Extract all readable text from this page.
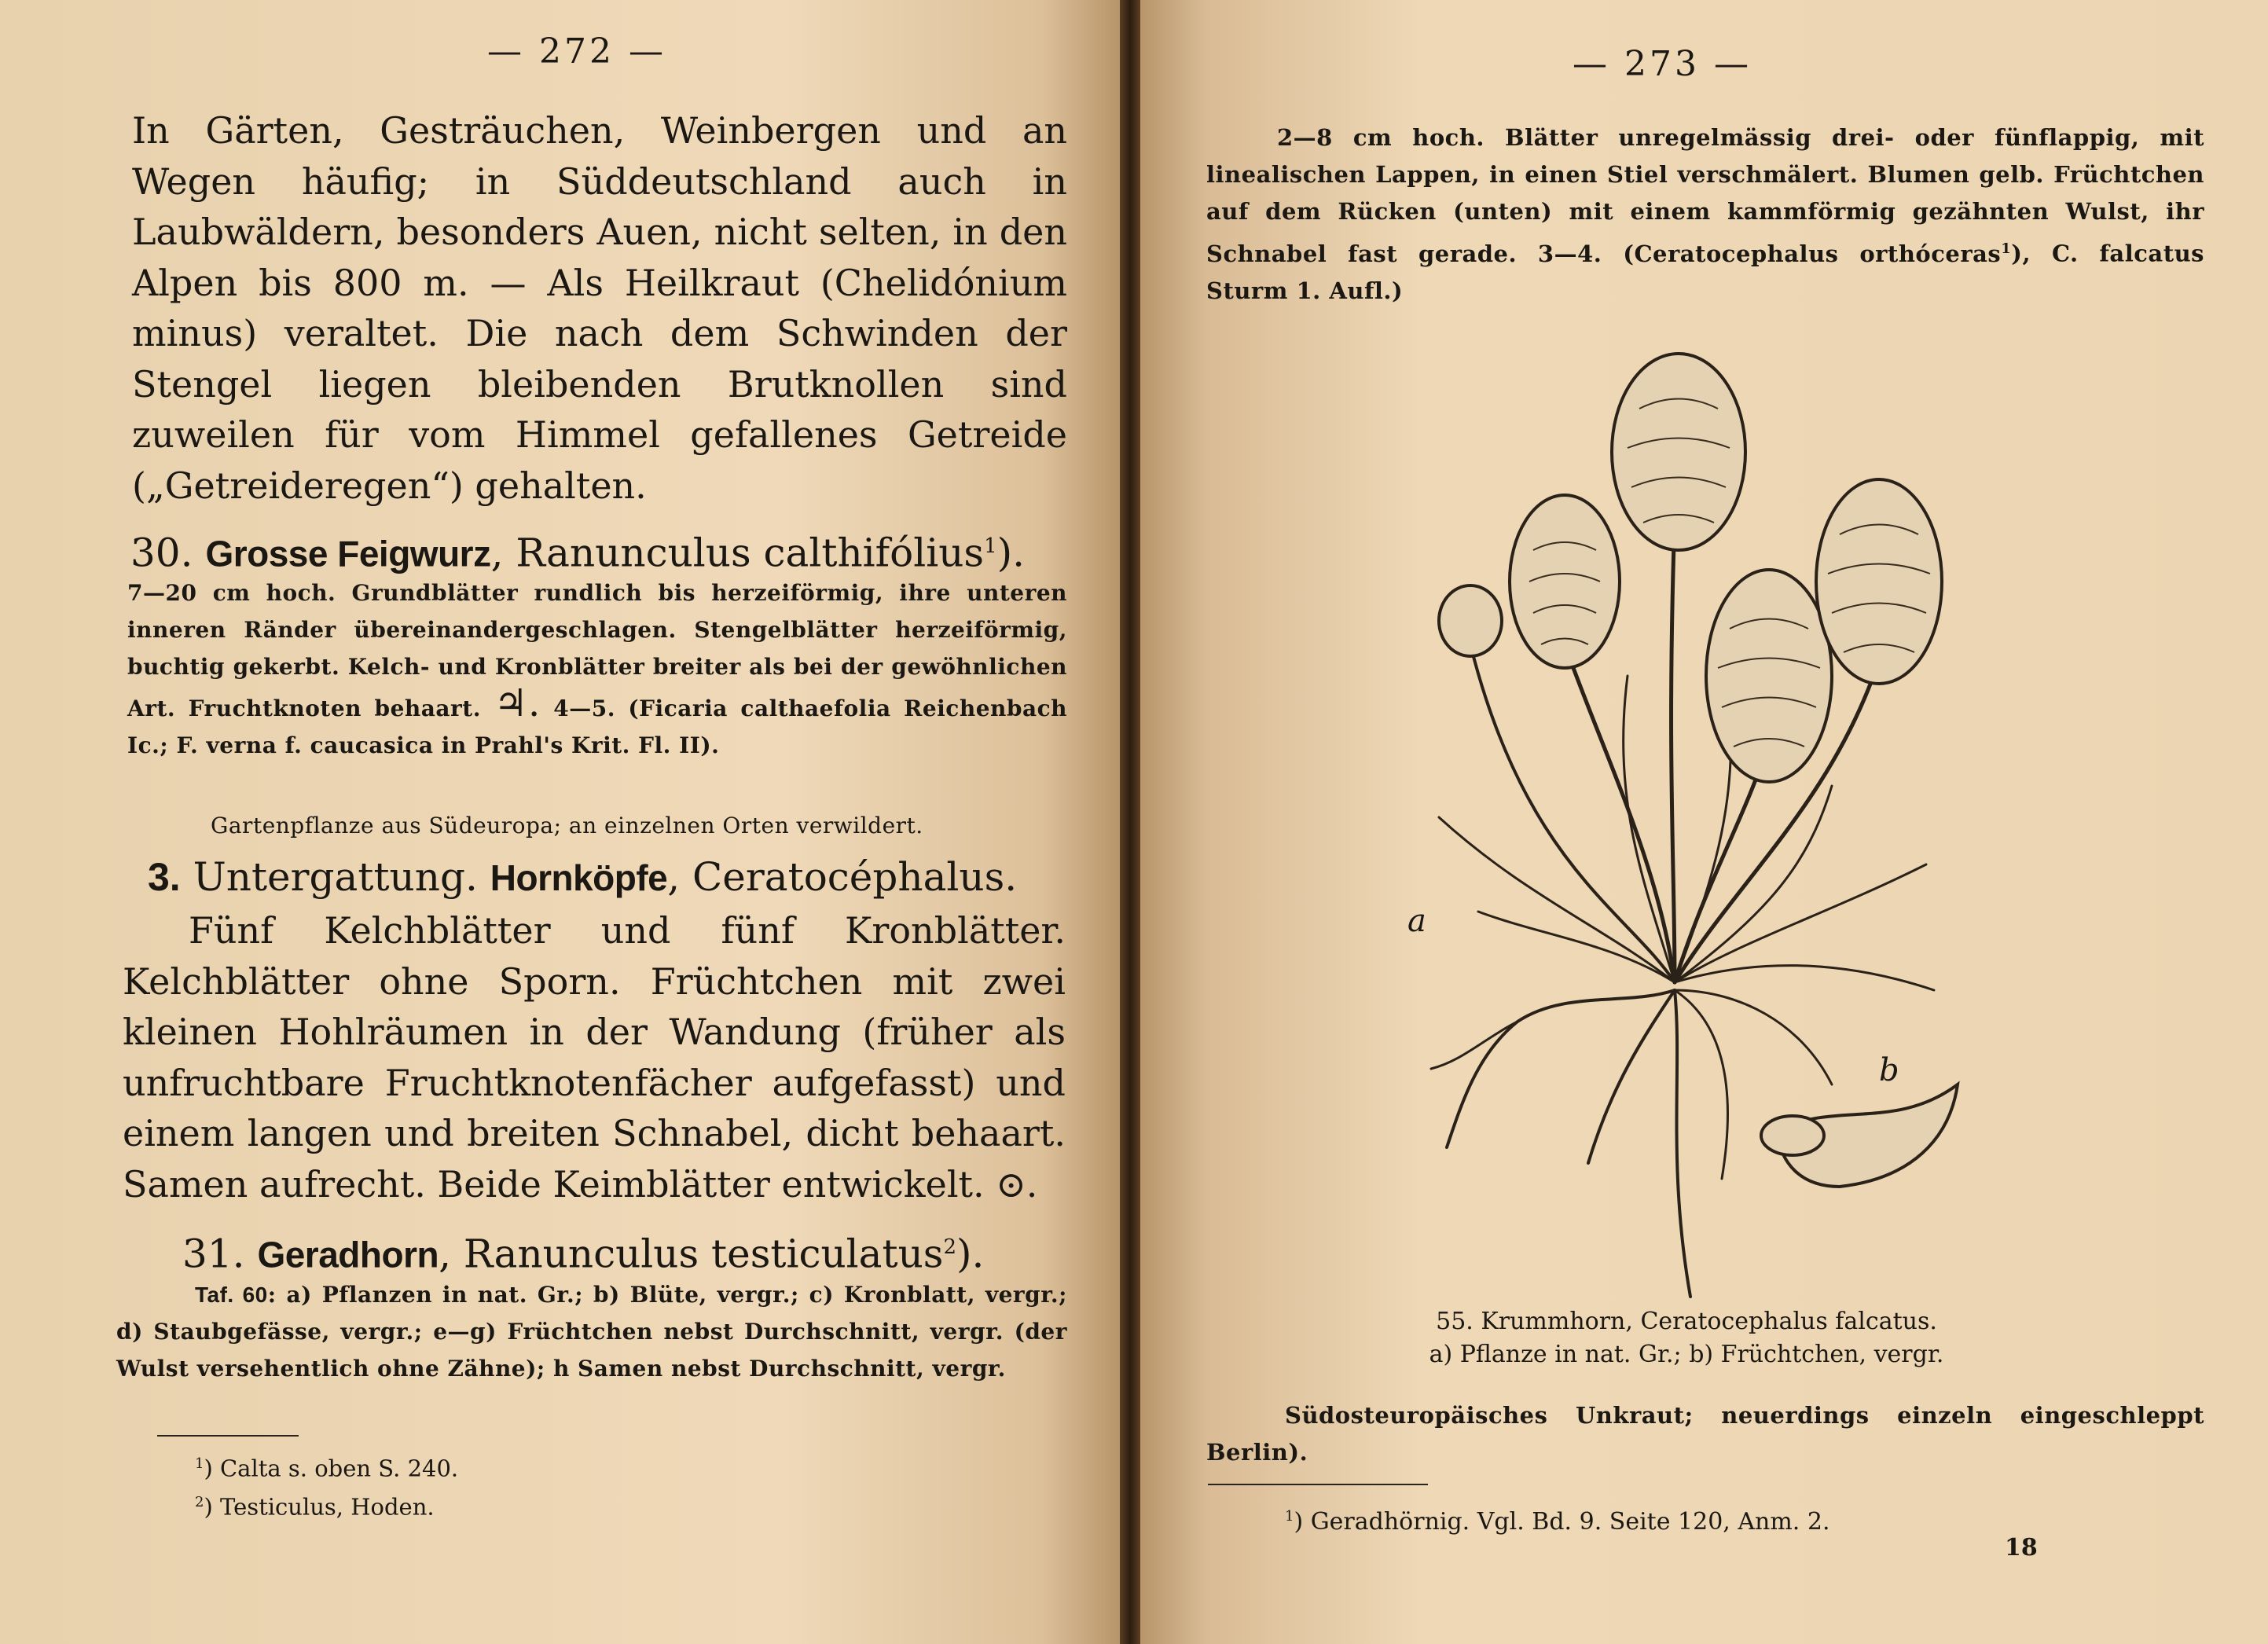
— 272 —
In Gärten, Gesträuchen, Weinbergen und an Wegen häufig; in Süddeutschland auch in Laubwäldern, besonders Auen, nicht selten, in den Alpen bis 800 m. — Als Heilkraut (Chelidónium minus) veraltet. Die nach dem Schwinden der Stengel liegen bleibenden Brutknollen sind zuweilen für vom Himmel gefallenes Getreide („Getreideregen“) gehalten.
30. Grosse Feigwurz, Ranunculus calthifólius$^1$).
7—20 cm hoch. Grundblätter rundlich bis herzeiförmig, ihre unteren inneren Ränder übereinandergeschlagen. Stengelblätter herzeiförmig, buchtig gekerbt. Kelch- und Kronblätter breiter als bei der gewöhnlichen Art. Fruchtknoten behaart. ♃. 4—5. (Ficaria calthaefolia Reichenbach Ic.; F. verna f. caucasica in Prahl's Krit. Fl. II).
Gartenpflanze aus Südeuropa; an einzelnen Orten verwildert.
3. Untergattung. Hornköpfe, Ceratocéphalus.
Fünf Kelchblätter und fünf Kronblätter. Kelchblätter ohne Sporn. Früchtchen mit zwei kleinen Hohlräumen in der Wandung (früher als unfruchtbare Fruchtknotenfächer aufgefasst) und einem langen und breiten Schnabel, dicht behaart. Samen aufrecht. Beide Keimblätter entwickelt. ⊙.
31. Geradhorn, Ranunculus testiculatus$^2$).
Taf. 60: a) Pflanzen in nat. Gr.; b) Blüte, vergr.; c) Kronblatt, vergr.; d) Staubgefässe, vergr.; e—g) Früchtchen nebst Durchschnitt, vergr. (der Wulst versehentlich ohne Zähne); h Samen nebst Durchschnitt, vergr.
$^1$) Calta s. oben S. 240.
$^2$) Testiculus, Hoden.
— 273 —
2—8 cm hoch. Blätter unregelmässig drei- oder fünflappig, mit linealischen Lappen, in einen Stiel verschmälert. Blumen gelb. Früchtchen auf dem Rücken (unten) mit einem kammförmig gezähnten Wulst, ihr Schnabel fast gerade. 3—4. (Ceratocephalus orthóceras$^1$), C. falcatus Sturm 1. Aufl.)
a
b
55. Krummhorn, Ceratocephalus falcatus.
a) Pflanze in nat. Gr.; b) Früchtchen, vergr.
Südosteuropäisches Unkraut; neuerdings einzeln eingeschleppt Berlin).
$^1$) Geradhörnig. Vgl. Bd. 9. Seite 120, Anm. 2.
18
